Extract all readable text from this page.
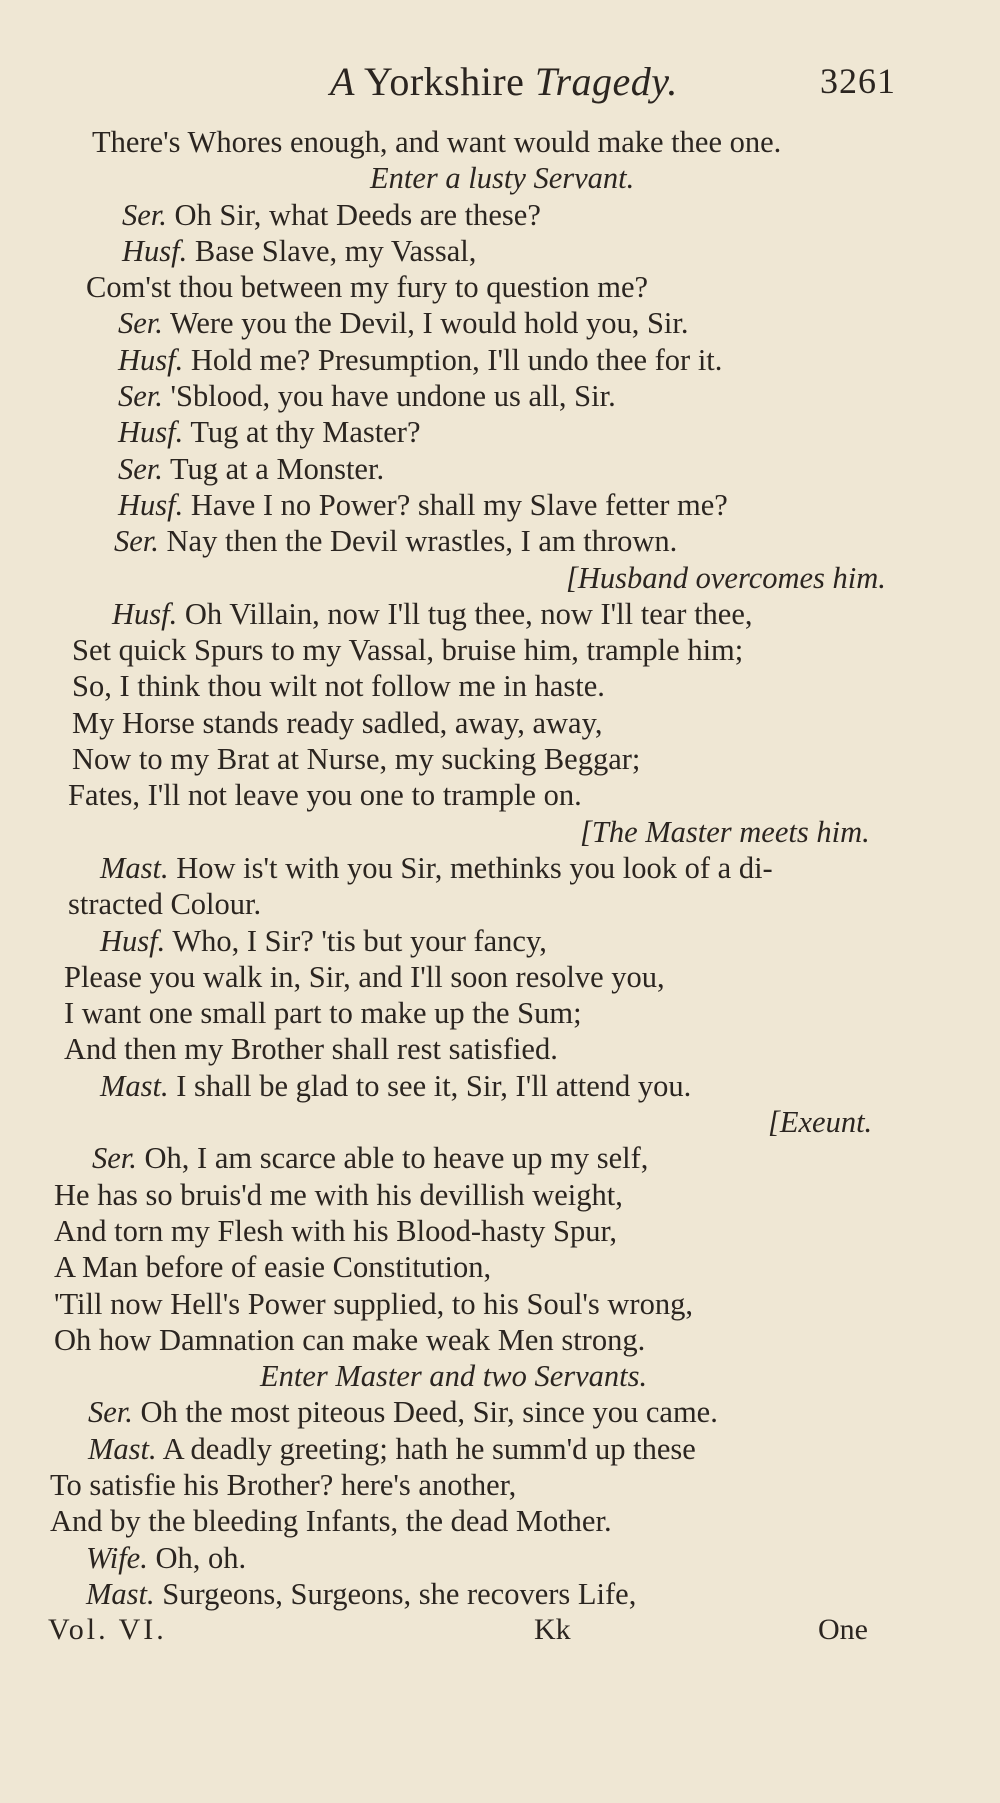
A Yorkshire Tragedy.	3261
There's Whores enough, and want would make thee one.
Enter a lusty Servant.
Ser. Oh Sir, what Deeds are these?
Husf. Base Slave, my Vassal,
Com'st thou between my fury to question me?
Ser. Were you the Devil, I would hold you, Sir.
Husf. Hold me? Presumption, I'll undo thee for it.
Ser. 'Sblood, you have undone us all, Sir.
Husf. Tug at thy Master?
Ser. Tug at a Monster.
Husf. Have I no Power? shall my Slave fetter me?
Ser. Nay then the Devil wrastles, I am thrown.
[Husband overcomes him.
Husf. Oh Villain, now I'll tug thee, now I'll tear thee,
Set quick Spurs to my Vassal, bruise him, trample him;
So, I think thou wilt not follow me in haste.
My Horse stands ready sadled, away, away,
Now to my Brat at Nurse, my sucking Beggar;
Fates, I'll not leave you one to trample on.
[The Master meets him.
Mast. How is't with you Sir, methinks you look of a di-
stracted Colour.
Husf. Who, I Sir? 'tis but your fancy,
Please you walk in, Sir, and I'll soon resolve you,
I want one small part to make up the Sum;
And then my Brother shall rest satisfied.
Mast. I shall be glad to see it, Sir, I'll attend you.
[Exeunt.
Ser. Oh, I am scarce able to heave up my self,
He has so bruis'd me with his devillish weight,
And torn my Flesh with his Blood-hasty Spur,
A Man before of easie Constitution,
'Till now Hell's Power supplied, to his Soul's wrong,
Oh how Damnation can make weak Men strong.
Enter Master and two Servants.
Ser. Oh the most piteous Deed, Sir, since you came.
Mast. A deadly greeting; hath he summ'd up these
To satisfie his Brother? here's another,
And by the bleeding Infants, the dead Mother.
Wife. Oh, oh.
Mast. Surgeons, Surgeons, she recovers Life,
Vol. VI.	Kk	One
